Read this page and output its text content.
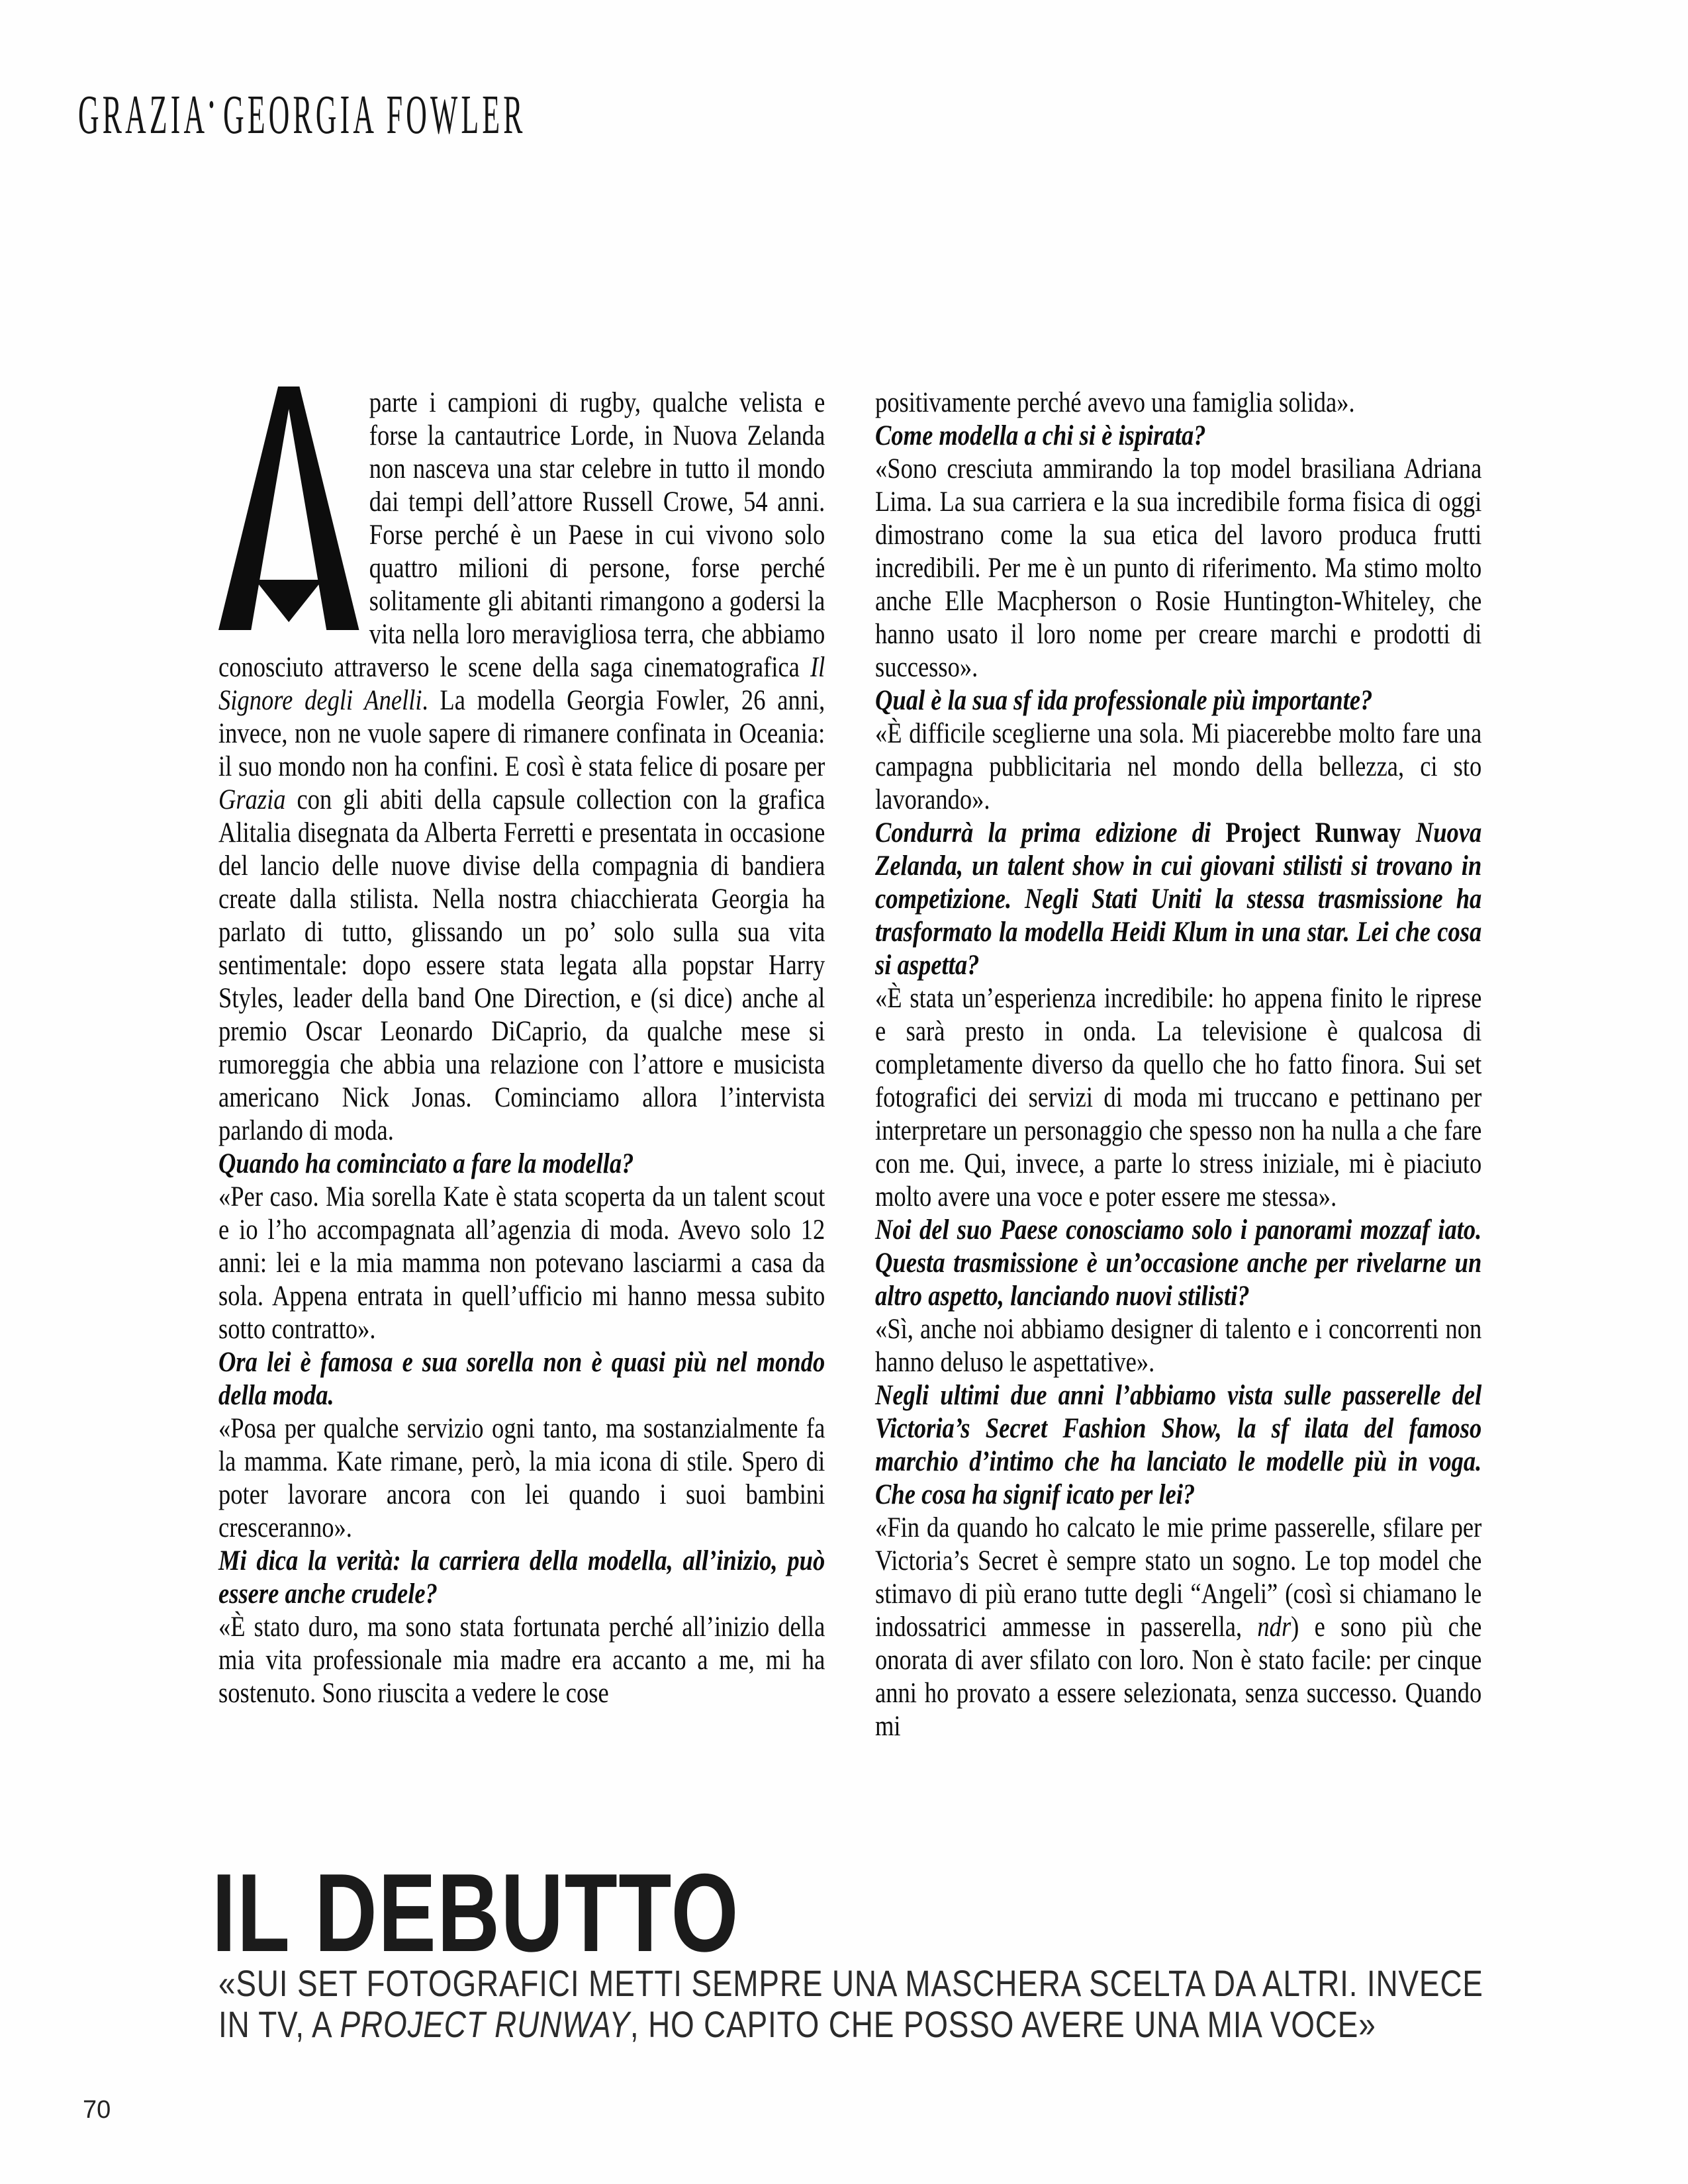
GRAZIA• GEORGIA FOWLER
parte i campioni di rugby, qualche velista e forse la cantautrice Lorde, in Nuova Zelanda non nasceva una star celebre in tutto il mondo dai tempi dell’attore Russell Crowe, 54 anni. Forse perché è un Paese in cui vivono solo quattro milioni di persone, forse perché solitamente gli abitanti rimangono a godersi la vita nella loro meravigliosa terra, che abbiamo conosciuto attraverso le scene della saga cinematografica Il Signore degli Anelli. La modella Georgia Fowler, 26 anni, invece, non ne vuole sapere di rimanere confinata in Oceania: il suo mondo non ha confini. E così è stata felice di posare per Grazia con gli abiti della capsule collection con la grafica Alitalia disegnata da Alberta Ferretti e presentata in occasione del lancio delle nuove divise della compagnia di bandiera create dalla stilista. Nella nostra chiacchierata Georgia ha parlato di tutto, glissando un po’ solo sulla sua vita sentimentale: dopo essere stata legata alla popstar Harry Styles, leader della band One Direction, e (si dice) anche al premio Oscar Leonardo DiCaprio, da qualche mese si rumoreggia che abbia una relazione con l’attore e musicista americano Nick Jonas. Cominciamo allora l’intervista parlando di moda.
Quando ha cominciato a fare la modella?
«Per caso. Mia sorella Kate è stata scoperta da un talent scout e io l’ho accompagnata all’agenzia di moda. Avevo solo 12 anni: lei e la mia mamma non potevano lasciarmi a casa da sola. Appena entrata in quell’ufficio mi hanno messa subito sotto contratto».
Ora lei è famosa e sua sorella non è quasi più nel mondo della moda.
«Posa per qualche servizio ogni tanto, ma sostanzialmente fa la mamma. Kate rimane, però, la mia icona di stile. Spero di poter lavorare ancora con lei quando i suoi bambini cresceranno».
Mi dica la verità: la carriera della modella, all’inizio, può essere anche crudele?
«È stato duro, ma sono stata fortunata perché all’inizio della mia vita professionale mia madre era accanto a me, mi ha sostenuto. Sono riuscita a vedere le cose
positivamente perché avevo una famiglia solida».
Come modella a chi si è ispirata?
«Sono cresciuta ammirando la top model brasiliana Adriana Lima. La sua carriera e la sua incredibile forma fisica di oggi dimostrano come la sua etica del lavoro produca frutti incredibili. Per me è un punto di riferimento. Ma stimo molto anche Elle Macpherson o Rosie Huntington-Whiteley, che hanno usato il loro nome per creare marchi e prodotti di successo».
Qual è la sua sf ida professionale più importante?
«È difficile sceglierne una sola. Mi piacerebbe molto fare una campagna pubblicitaria nel mondo della bellezza, ci sto lavorando».
Condurrà la prima edizione di Project Runway Nuova Zelanda, un talent show in cui giovani stilisti si trovano in competizione. Negli Stati Uniti la stessa trasmissione ha trasformato la modella Heidi Klum in una star. Lei che cosa si aspetta?
«È stata un’esperienza incredibile: ho appena finito le riprese e sarà presto in onda. La televisione è qualcosa di completamente diverso da quello che ho fatto finora. Sui set fotografici dei servizi di moda mi truccano e pettinano per interpretare un personaggio che spesso non ha nulla a che fare con me. Qui, invece, a parte lo stress iniziale, mi è piaciuto molto avere una voce e poter essere me stessa».
Noi del suo Paese conosciamo solo i panorami mozzaf iato. Questa trasmissione è un’occasione anche per rivelarne un altro aspetto, lanciando nuovi stilisti?
«Sì, anche noi abbiamo designer di talento e i concorrenti non hanno deluso le aspettative».
Negli ultimi due anni l’abbiamo vista sulle passerelle del Victoria’s Secret Fashion Show, la sf ilata del famoso marchio d’intimo che ha lanciato le modelle più in voga. Che cosa ha signif icato per lei?
«Fin da quando ho calcato le mie prime passerelle, sfilare per Victoria’s Secret è sempre stato un sogno. Le top model che stimavo di più erano tutte degli “Angeli” (così si chiamano le indossatrici ammesse in passerella, ndr) e sono più che onorata di aver sfilato con loro. Non è stato facile: per cinque anni ho provato a essere selezionata, senza successo. Quando mi
IL DEBUTTO
«SUI SET FOTOGRAFICI METTI SEMPRE UNA MASCHERA SCELTA DA ALTRI. INVECE
IN TV, A PROJECT RUNWAY, HO CAPITO CHE POSSO AVERE UNA MIA VOCE»
70
